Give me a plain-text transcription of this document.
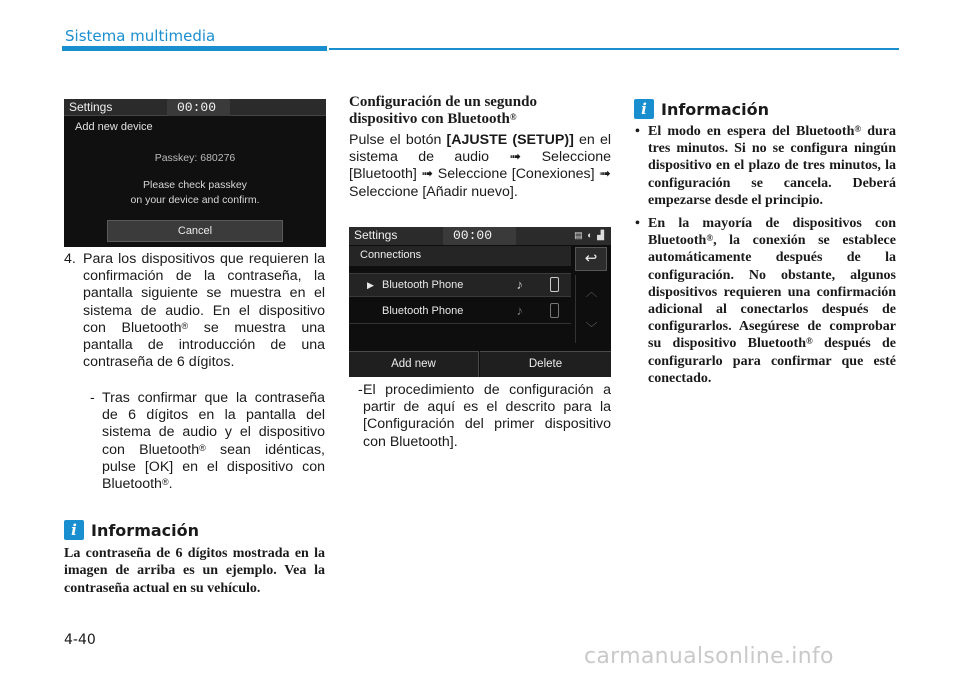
Sistema multimedia
Settings	00:00
Add new device
Passkey: 680276
Please check passkey
on your device and confirm.
Cancel
4. Para los dispositivos que requieren la confirmación de la contraseña, la pantalla siguiente se muestra en el sistema de audio. En el dispositivo con Bluetooth® se muestra una pantalla de introducción de una contraseña de 6 dígitos.
- Tras confirmar que la contraseña de 6 dígitos en la pantalla del sistema de audio y el dispositivo con Bluetooth® sean idénticas, pulse [OK] en el dispositivo con Bluetooth®.
i Información
La contraseña de 6 dígitos mostrada en la imagen de arriba es un ejemplo. Vea la contraseña actual en su vehículo.
4-40
Configuración de un segundo
dispositivo con Bluetooth®
Pulse el botón [AJUSTE (SETUP)] en el sistema de audio ➟ Seleccione [Bluetooth] ➟ Seleccione [Conexiones] ➟ Seleccione [Añadir nuevo].
Settings	00:00	▤ ◐ ▟
Connections	↩
▶ Bluetooth Phone	♪
Bluetooth Phone	♪
︿
﹀
Add new	Delete
- El procedimiento de configuración a partir de aquí es el descrito para la [Configuración del primer dispositivo con Bluetooth].
i Información
• El modo en espera del Bluetooth® dura tres minutos. Si no se configura ningún dispositivo en el plazo de tres minutos, la configuración se cancela. Deberá empezarse desde el principio.
• En la mayoría de dispositivos con Bluetooth®, la conexión se establece automáticamente después de la configuración. No obstante, algunos dispositivos requieren una confirmación adicional al conectarlos después de configurarlos. Asegúrese de comprobar su dispositivo Bluetooth® después de configurarlo para confirmar que esté conectado.
carmanualsonline.info
